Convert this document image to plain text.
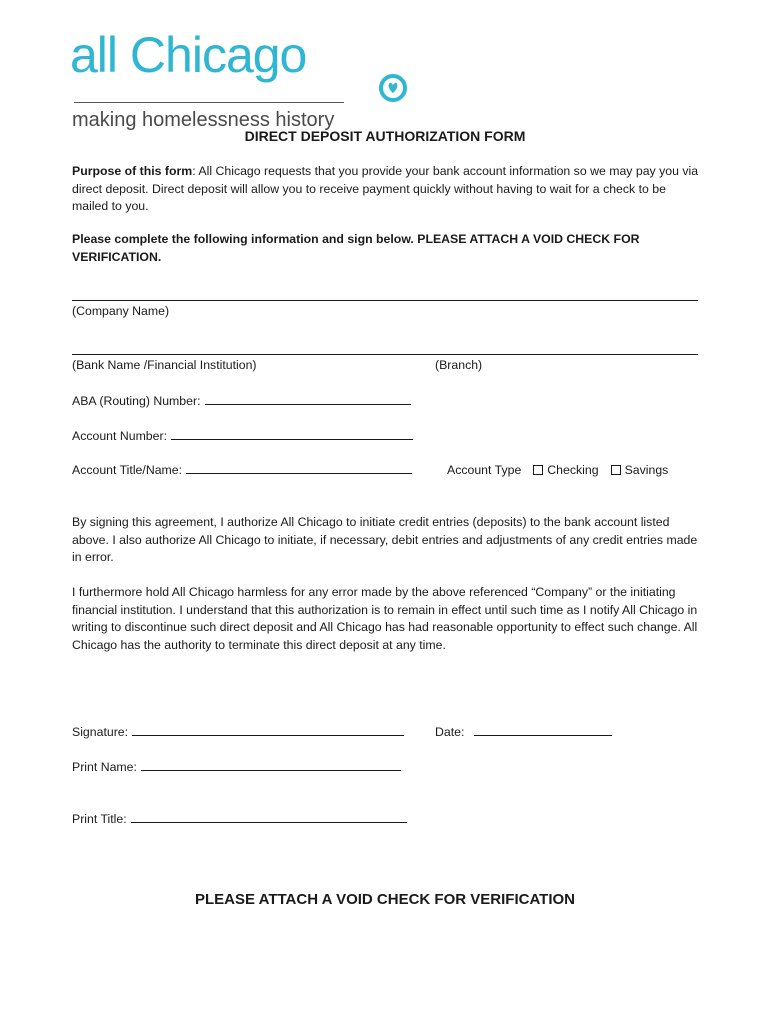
all Chicago
making homelessness history
DIRECT DEPOSIT AUTHORIZATION FORM
Purpose of this form: All Chicago requests that you provide your bank account information so we may pay you via direct deposit. Direct deposit will allow you to receive payment quickly without having to wait for a check to be mailed to you.
Please complete the following information and sign below. PLEASE ATTACH A VOID CHECK FOR VERIFICATION.
(Company Name)
(Bank Name /Financial Institution)	(Branch)
ABA (Routing) Number:
Account Number:
Account Title/Name:	Account Type Checking Savings
By signing this agreement, I authorize All Chicago to initiate credit entries (deposits) to the bank account listed above. I also authorize All Chicago to initiate, if necessary, debit entries and adjustments of any credit entries made in error.
I furthermore hold All Chicago harmless for any error made by the above referenced “Company” or the initiating financial institution. I understand that this authorization is to remain in effect until such time as I notify All Chicago in writing to discontinue such direct deposit and All Chicago has had reasonable opportunity to effect such change. All Chicago has the authority to terminate this direct deposit at any time.
Signature:	Date:
Print Name:
Print Title:
PLEASE ATTACH A VOID CHECK FOR VERIFICATION
